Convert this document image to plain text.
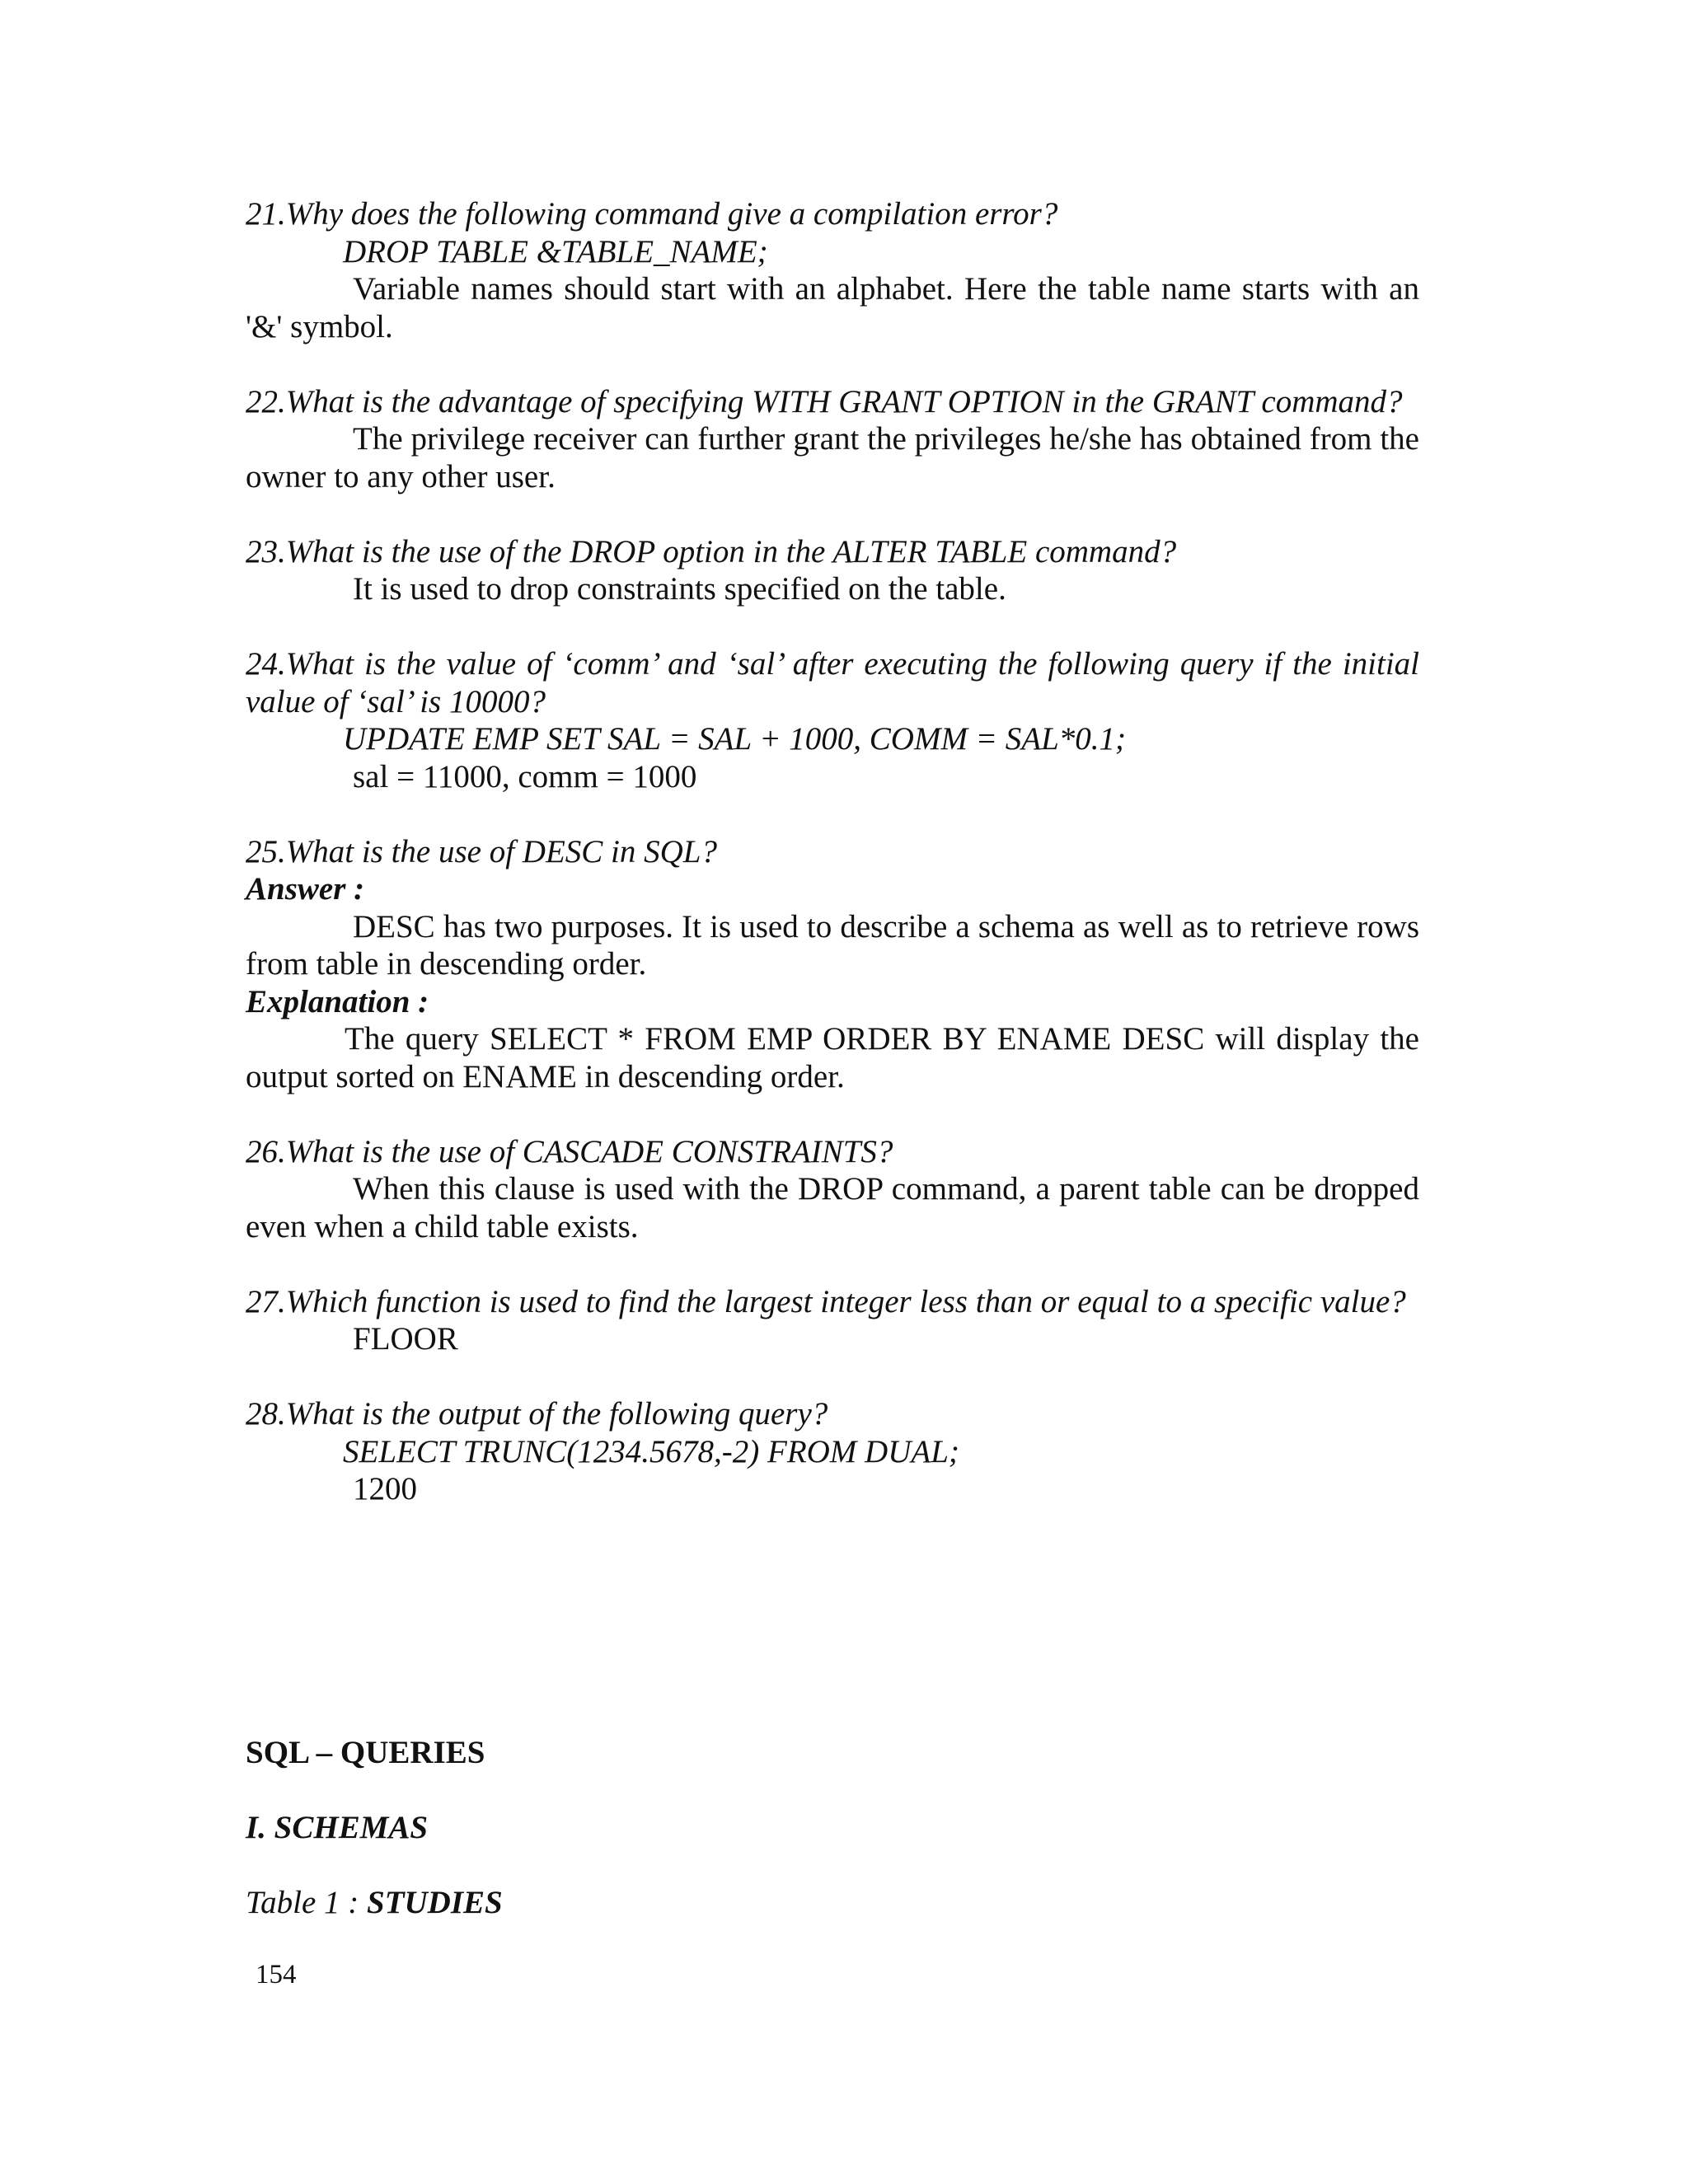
21.Why does the following command give a compilation error?
DROP TABLE &TABLE_NAME;
Variable names should start with an alphabet. Here the table name starts with an '&' symbol.
22.What is the advantage of specifying WITH GRANT OPTION in the GRANT command?
The privilege receiver can further grant the privileges he/she has obtained from the owner to any other user.
23.What is the use of the DROP option in the ALTER TABLE command?
It is used to drop constraints specified on the table.
24.What is the value of ‘comm’ and ‘sal’ after executing the following query if the initial value of ‘sal’ is 10000?
UPDATE EMP SET SAL = SAL + 1000, COMM = SAL*0.1;
sal = 11000, comm = 1000
25.What is the use of DESC in SQL?
Answer :
DESC has two purposes. It is used to describe a schema as well as to retrieve rows from table in descending order.
Explanation :
The query SELECT * FROM EMP ORDER BY ENAME DESC will display the output sorted on ENAME in descending order.
26.What is the use of CASCADE CONSTRAINTS?
When this clause is used with the DROP command, a parent table can be dropped even when a child table exists.
27.Which function is used to find the largest integer less than or equal to a specific value?
FLOOR
28.What is the output of the following query?
SELECT TRUNC(1234.5678,-2) FROM DUAL;
1200
SQL – QUERIES
I. SCHEMAS
Table 1 : STUDIES
154
